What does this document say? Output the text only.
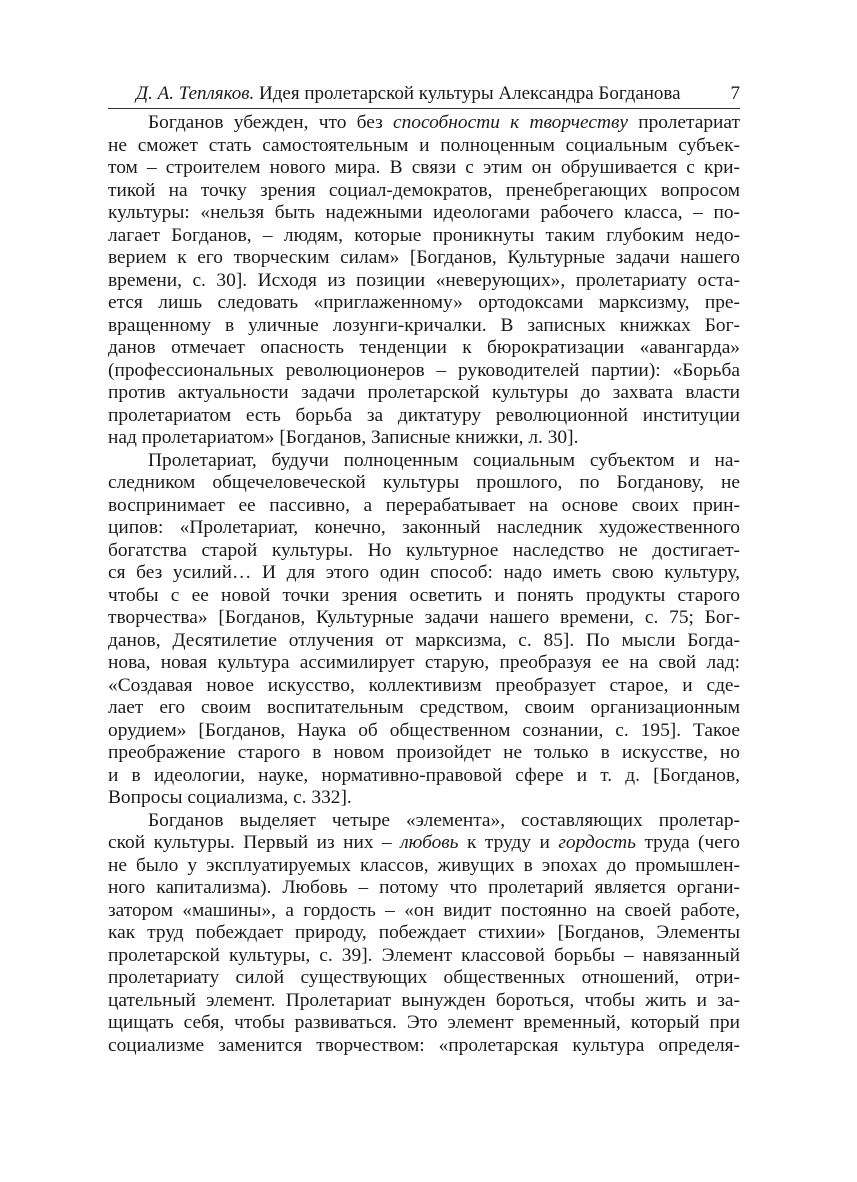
Д. А. Тепляков. Идея пролетарской культуры Александра Богданова	7
Богданов убежден, что без способности к творчеству пролетариат
не сможет стать самостоятельным и полноценным социальным субъек-
том – строителем нового мира. В связи с этим он обрушивается с кри-
тикой на точку зрения социал-демократов, пренебрегающих вопросом
культуры: «нельзя быть надежными идеологами рабочего класса, – по-
лагает Богданов, – людям, которые проникнуты таким глубоким недо-
верием к его творческим силам» [Богданов, Культурные задачи нашего
времени, с. 30]. Исходя из позиции «неверующих», пролетариату оста-
ется лишь следовать «приглаженному» ортодоксами марксизму, пре-
вращенному в уличные лозунги-кричалки. В записных книжках Бог-
данов отмечает опасность тенденции к бюрократизации «авангарда»
(профессиональных революционеров – руководителей партии): «Борьба
против актуальности задачи пролетарской культуры до захвата власти
пролетариатом есть борьба за диктатуру революционной институции
над пролетариатом» [Богданов, Записные книжки, л. 30].
Пролетариат, будучи полноценным социальным субъектом и на-
следником общечеловеческой культуры прошлого, по Богданову, не
воспринимает ее пассивно, а перерабатывает на основе своих прин-
ципов: «Пролетариат, конечно, законный наследник художественного
богатства старой культуры. Но культурное наследство не достигает-
ся без усилий… И для этого один способ: надо иметь свою культуру,
чтобы с ее новой точки зрения осветить и понять продукты старого
творчества» [Богданов, Культурные задачи нашего времени, с. 75; Бог-
данов, Десятилетие отлучения от марксизма, с. 85]. По мысли Богда-
нова, новая культура ассимилирует старую, преобразуя ее на свой лад:
«Создавая новое искусство, коллективизм преобразует старое, и сде-
лает его своим воспитательным средством, своим организационным
орудием» [Богданов, Наука об общественном сознании, с. 195]. Такое
преображение старого в новом произойдет не только в искусстве, но
и в идеологии, науке, нормативно-правовой сфере и т. д. [Богданов,
Вопросы социализма, с. 332].
Богданов выделяет четыре «элемента», составляющих пролетар-
ской культуры. Первый из них – любовь к труду и гордость труда (чего
не было у эксплуатируемых классов, живущих в эпохах до промышлен-
ного капитализма). Любовь – потому что пролетарий является органи-
затором «машины», а гордость – «он видит постоянно на своей работе,
как труд побеждает природу, побеждает стихии» [Богданов, Элементы
пролетарской культуры, с. 39]. Элемент классовой борьбы – навязанный
пролетариату силой существующих общественных отношений, отри-
цательный элемент. Пролетариат вынужден бороться, чтобы жить и за-
щищать себя, чтобы развиваться. Это элемент временный, который при
социализме заменится творчеством: «пролетарская культура определя-
